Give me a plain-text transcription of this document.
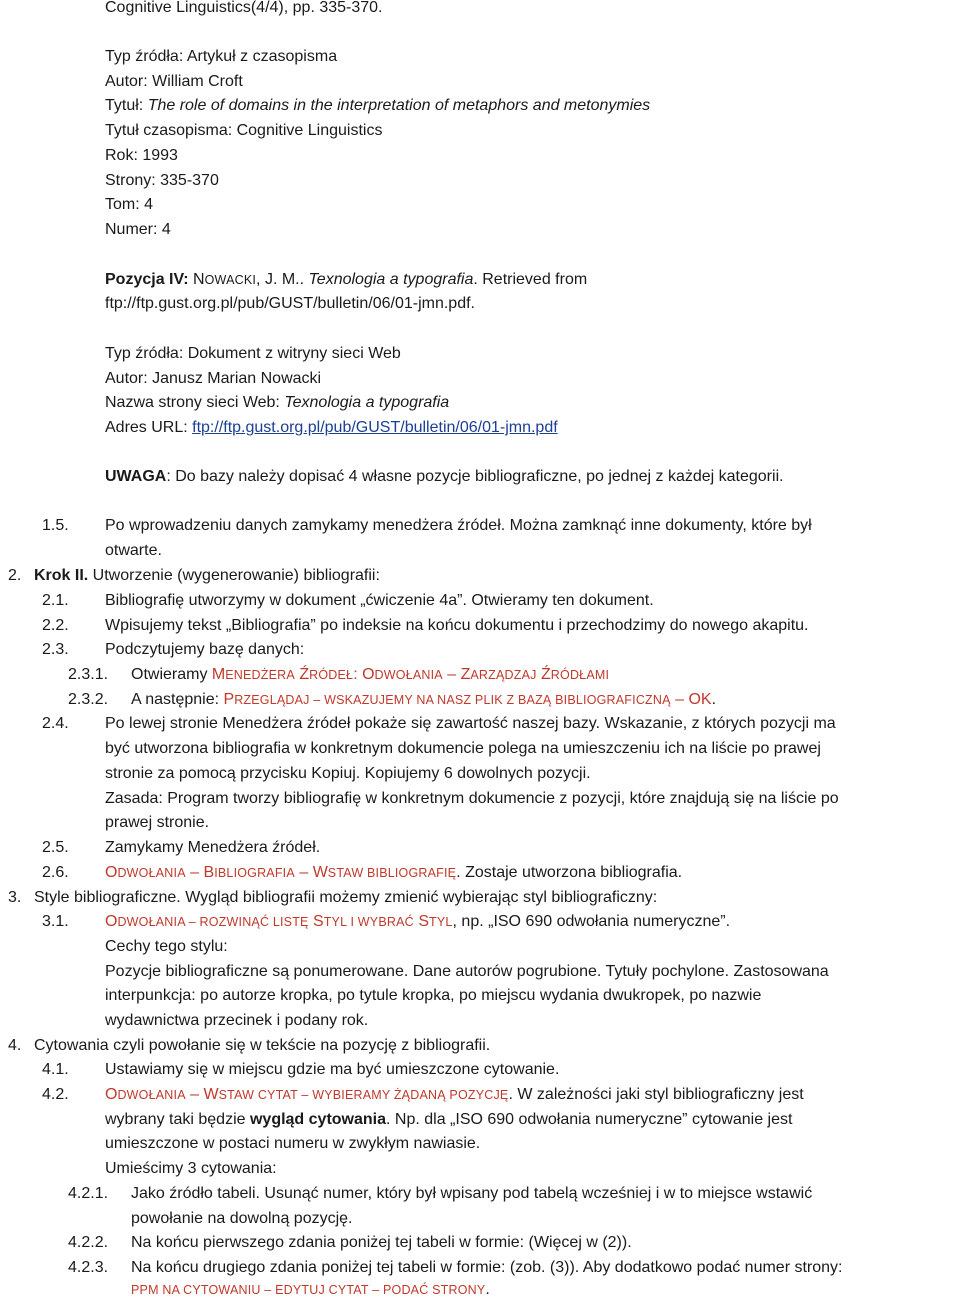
Cognitive Linguistics(4/4), pp. 335-370.
Typ źródła: Artykuł z czasopisma
Autor: William Croft
Tytuł: The role of domains in the interpretation of metaphors and metonymies
Tytuł czasopisma: Cognitive Linguistics
Rok: 1993
Strony: 335-370
Tom: 4
Numer: 4
Pozycja IV: NOWACKI, J. M.. Texnologia a typografia. Retrieved from
ftp://ftp.gust.org.pl/pub/GUST/bulletin/06/01-jmn.pdf.
Typ źródła: Dokument z witryny sieci Web
Autor: Janusz Marian Nowacki
Nazwa strony sieci Web: Texnologia a typografia
Adres URL: ftp://ftp.gust.org.pl/pub/GUST/bulletin/06/01-jmn.pdf
UWAGA: Do bazy należy dopisać 4 własne pozycje bibliograficzne, po jednej z każdej kategorii.
1.5. Po wprowadzeniu danych zamykamy menedżera źródeł. Można zamknąć inne dokumenty, które był
otwarte.
2. Krok II. Utworzenie (wygenerowanie) bibliografii:
2.1. Bibliografię utworzymy w dokument „ćwiczenie 4a”. Otwieramy ten dokument.
2.2. Wpisujemy tekst „Bibliografia” po indeksie na końcu dokumentu i przechodzimy do nowego akapitu.
2.3. Podczytujemy bazę danych:
2.3.1. Otwieramy MENEDŻERA ŹRÓDEŁ: ODWOŁANIA – ZARZĄDZAJ ŹRÓDŁAMI
2.3.2. A następnie: PRZEGLĄDAJ – WSKAZUJEMY NA NASZ PLIK Z BAZĄ BIBLIOGRAFICZNĄ – OK.
2.4. Po lewej stronie Menedżera źródeł pokaże się zawartość naszej bazy. Wskazanie, z których pozycji ma
być utworzona bibliografia w konkretnym dokumencie polega na umieszczeniu ich na liście po prawej
stronie za pomocą przycisku Kopiuj. Kopiujemy 6 dowolnych pozycji.
Zasada: Program tworzy bibliografię w konkretnym dokumencie z pozycji, które znajdują się na liście po
prawej stronie.
2.5. Zamykamy Menedżera źródeł.
2.6. ODWOŁANIA – BIBLIOGRAFIA – WSTAW BIBLIOGRAFIĘ. Zostaje utworzona bibliografia.
3. Style bibliograficzne. Wygląd bibliografii możemy zmienić wybierając styl bibliograficzny:
3.1. ODWOŁANIA – ROZWINĄĆ LISTĘ STYL I WYBRAĆ STYL, np. „ISO 690 odwołania numeryczne”.
Cechy tego stylu:
Pozycje bibliograficzne są ponumerowane. Dane autorów pogrubione. Tytuły pochylone. Zastosowana
interpunkcja: po autorze kropka, po tytule kropka, po miejscu wydania dwukropek, po nazwie
wydawnictwa przecinek i podany rok.
4. Cytowania czyli powołanie się w tekście na pozycję z bibliografii.
4.1. Ustawiamy się w miejscu gdzie ma być umieszczone cytowanie.
4.2. ODWOŁANIA – WSTAW CYTAT – WYBIERAMY ŻĄDANĄ POZYCJĘ. W zależności jaki styl bibliograficzny jest
wybrany taki będzie wygląd cytowania. Np. dla „ISO 690 odwołania numeryczne” cytowanie jest
umieszczone w postaci numeru w zwykłym nawiasie.
Umieścimy 3 cytowania:
4.2.1. Jako źródło tabeli. Usunąć numer, który był wpisany pod tabelą wcześniej i w to miejsce wstawić
powołanie na dowolną pozycję.
4.2.2. Na końcu pierwszego zdania poniżej tej tabeli w formie: (Więcej w (2)).
4.2.3. Na końcu drugiego zdania poniżej tej tabeli w formie: (zob. (3)). Aby dodatkowo podać numer strony:
PPM NA CYTOWANIU – EDYTUJ CYTAT – PODAĆ STRONY.
